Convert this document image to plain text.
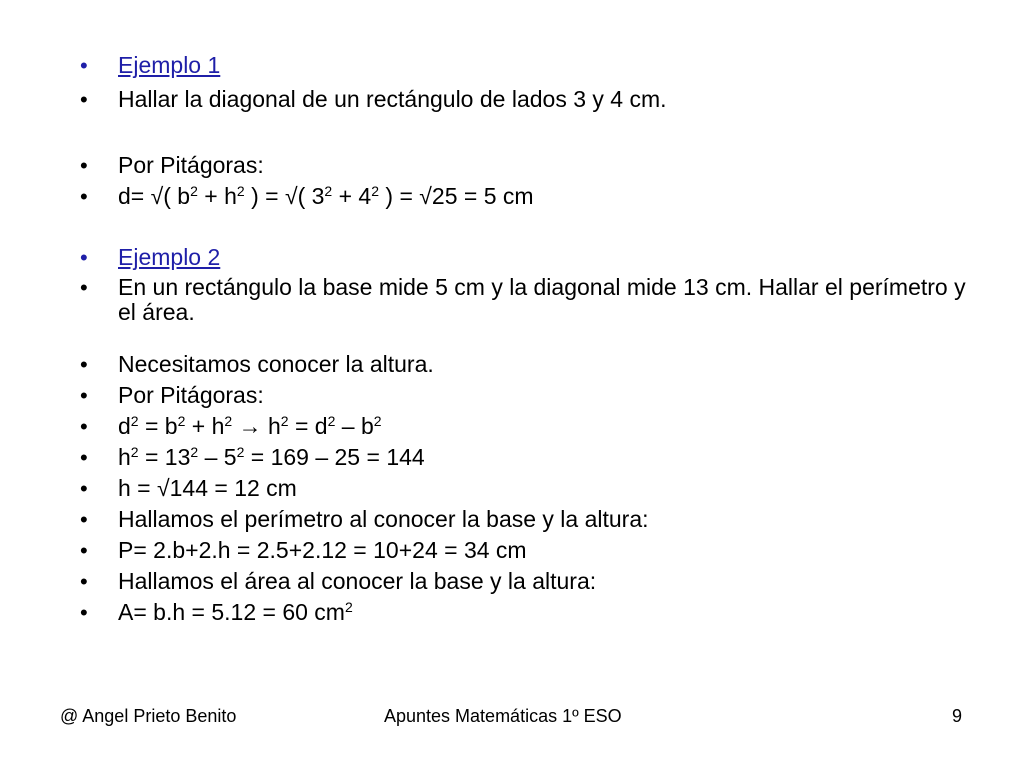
• Ejemplo 1
• Hallar la diagonal de un rectángulo de lados 3 y 4 cm.
• Por Pitágoras:
• d= √( $b^2 + h^2$ ) = √( $3^2 + 4^2$ ) = √25 = 5 cm
• Ejemplo 2
• En un rectángulo la base mide 5 cm y la diagonal mide 13 cm. Hallar el perímetro y el área.
• Necesitamos conocer la altura.
• Por Pitágoras:
• $d^2 = b^2 + h^2 \to h^2 = d^2 - b^2$
• $h^2 = 13^2 - 5^2 = 169 - 25 = 144$
• h = √144 = 12 cm
• Hallamos el perímetro al conocer la base y la altura:
• P= 2.b+2.h = 2.5+2.12 = 10+24 = 34 cm
• Hallamos el área al conocer la base y la altura:
• A= b.h = 5.12 = 60 $cm^2$
@ Angel Prieto Benito	Apuntes Matemáticas 1º ESO	9
